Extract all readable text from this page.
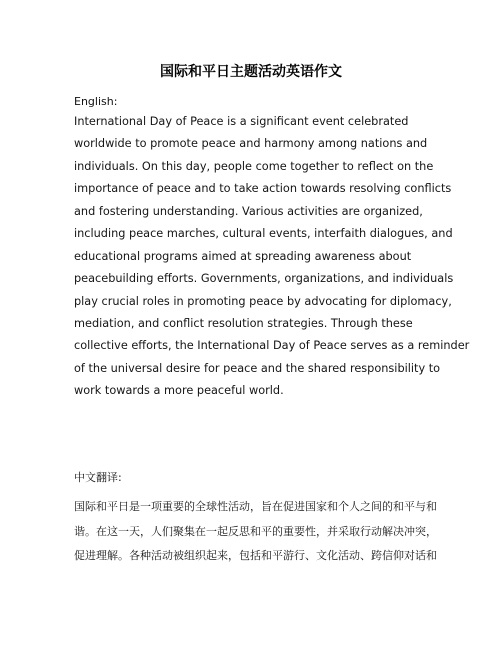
国际和平日主题活动英语作文
English:
International Day of Peace is a significant event celebrated
worldwide to promote peace and harmony among nations and
individuals. On this day, people come together to reflect on the
importance of peace and to take action towards resolving conflicts
and fostering understanding. Various activities are organized,
including peace marches, cultural events, interfaith dialogues, and
educational programs aimed at spreading awareness about
peacebuilding efforts. Governments, organizations, and individuals
play crucial roles in promoting peace by advocating for diplomacy,
mediation, and conflict resolution strategies. Through these
collective efforts, the International Day of Peace serves as a reminder
of the universal desire for peace and the shared responsibility to
work towards a more peaceful world.
中文翻译:
国际和平日是一项重要的全球性活动，旨在促进国家和个人之间的和平与和
谐。在这一天，人们聚集在一起反思和平的重要性，并采取行动解决冲突，
促进理解。各种活动被组织起来，包括和平游行、文化活动、跨信仰对话和
